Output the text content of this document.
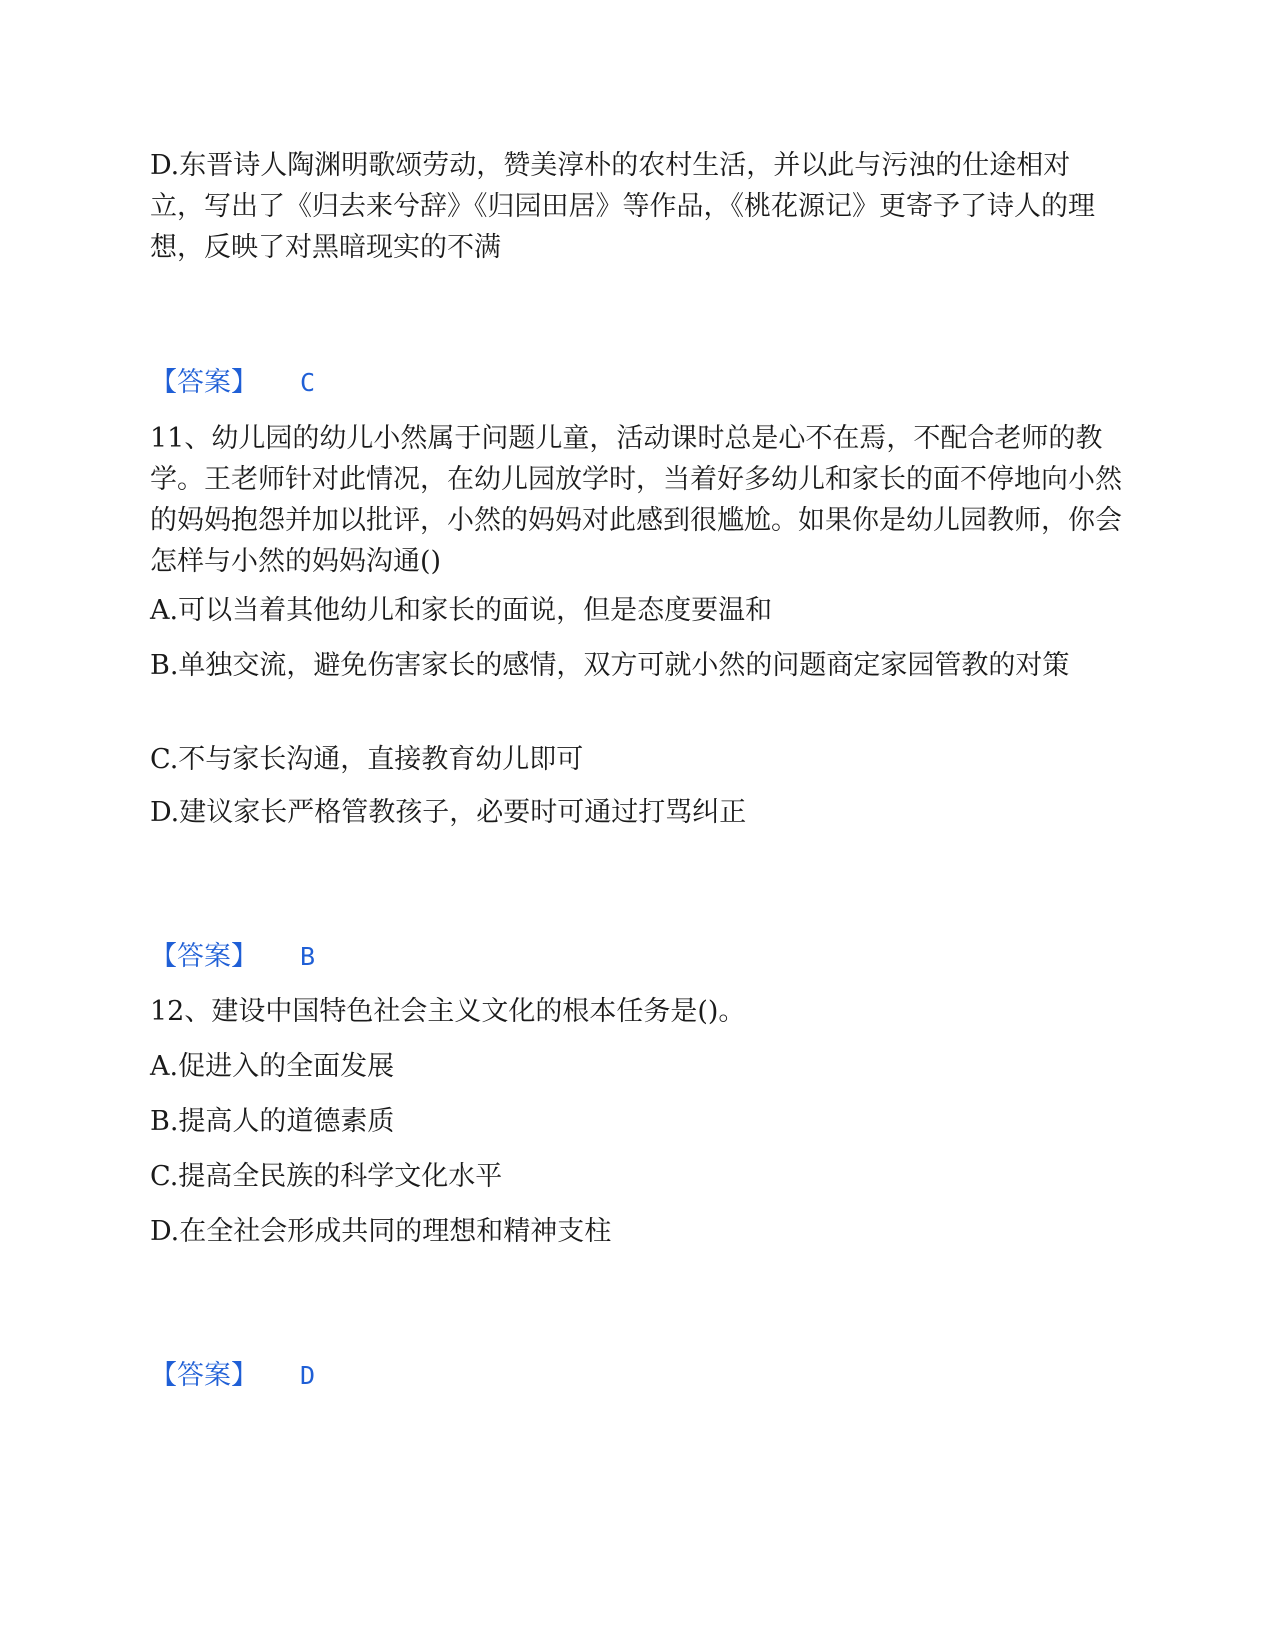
D.东晋诗人陶渊明歌颂劳动，赞美淳朴的农村生活，并以此与污浊的仕途相对立，写出了《归去来兮辞》《归园田居》等作品，《桃花源记》更寄予了诗人的理想，反映了对黑暗现实的不满

【答案】 C

11、幼儿园的幼儿小然属于问题儿童，活动课时总是心不在焉，不配合老师的教学。王老师针对此情况，在幼儿园放学时，当着好多幼儿和家长的面不停地向小然的妈妈抱怨并加以批评，小然的妈妈对此感到很尴尬。如果你是幼儿园教师，你会怎样与小然的妈妈沟通()

A.可以当着其他幼儿和家长的面说，但是态度要温和

B.单独交流，避免伤害家长的感情，双方可就小然的问题商定家园管教的对策

C.不与家长沟通，直接教育幼儿即可

D.建议家长严格管教孩子，必要时可通过打骂纠正

【答案】 B

12、建设中国特色社会主义文化的根本任务是()。

A.促进入的全面发展

B.提高人的道德素质

C.提高全民族的科学文化水平

D.在全社会形成共同的理想和精神支柱

【答案】 D
